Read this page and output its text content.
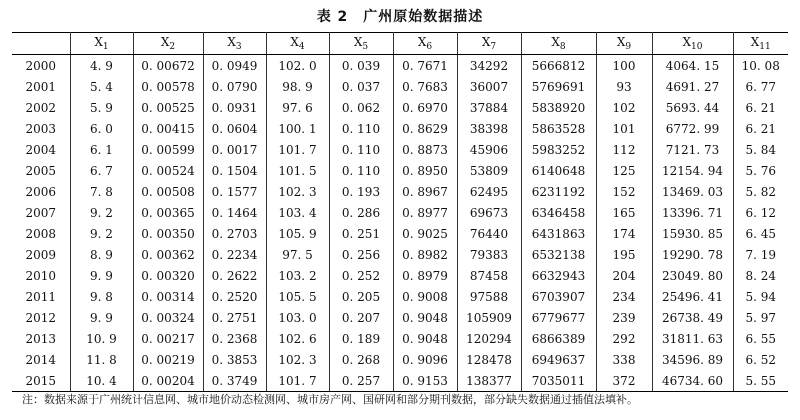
表 2　广州原始数据描述
	$X_1$	$X_2$	$X_3$	$X_4$	$X_5$	$X_6$	$X_7$	$X_8$	$X_9$	$X_{10}$	$X_{11}$
2000	4. 9	0. 00672	0. 0949	102. 0	0. 039	0. 7671	34292	5666812	100	4064. 15	10. 08
2001	5. 4	0. 00578	0. 0790	98. 9	0. 037	0. 7683	36007	5769691	93	4691. 27	6. 77
2002	5. 9	0. 00525	0. 0931	97. 6	0. 062	0. 6970	37884	5838920	102	5693. 44	6. 21
2003	6. 0	0. 00415	0. 0604	100. 1	0. 110	0. 8629	38398	5863528	101	6772. 99	6. 21
2004	6. 1	0. 00599	0. 0017	101. 7	0. 110	0. 8873	45906	5983252	112	7121. 73	5. 84
2005	6. 7	0. 00524	0. 1504	101. 5	0. 110	0. 8950	53809	6140648	125	12154. 94	5. 76
2006	7. 8	0. 00508	0. 1577	102. 3	0. 193	0. 8967	62495	6231192	152	13469. 03	5. 82
2007	9. 2	0. 00365	0. 1464	103. 4	0. 286	0. 8977	69673	6346458	165	13396. 71	6. 12
2008	9. 2	0. 00350	0. 2703	105. 9	0. 251	0. 9025	76440	6431863	174	15930. 85	6. 45
2009	8. 9	0. 00362	0. 2234	97. 5	0. 256	0. 8982	79383	6532138	195	19290. 78	7. 19
2010	9. 9	0. 00320	0. 2622	103. 2	0. 252	0. 8979	87458	6632943	204	23049. 80	8. 24
2011	9. 8	0. 00314	0. 2520	105. 5	0. 205	0. 9008	97588	6703907	234	25496. 41	5. 94
2012	9. 9	0. 00324	0. 2751	103. 0	0. 207	0. 9048	105909	6779677	239	26738. 49	5. 97
2013	10. 9	0. 00217	0. 2368	102. 6	0. 189	0. 9048	120294	6866389	292	31811. 63	6. 55
2014	11. 8	0. 00219	0. 3853	102. 3	0. 268	0. 9096	128478	6949637	338	34596. 89	6. 52
2015	10. 4	0. 00204	0. 3749	101. 7	0. 257	0. 9153	138377	7035011	372	46734. 60	5. 55
注：数据来源于广州统计信息网、城市地价动态检测网、城市房产网、国研网和部分期刊数据，部分缺失数据通过插值法填补。
